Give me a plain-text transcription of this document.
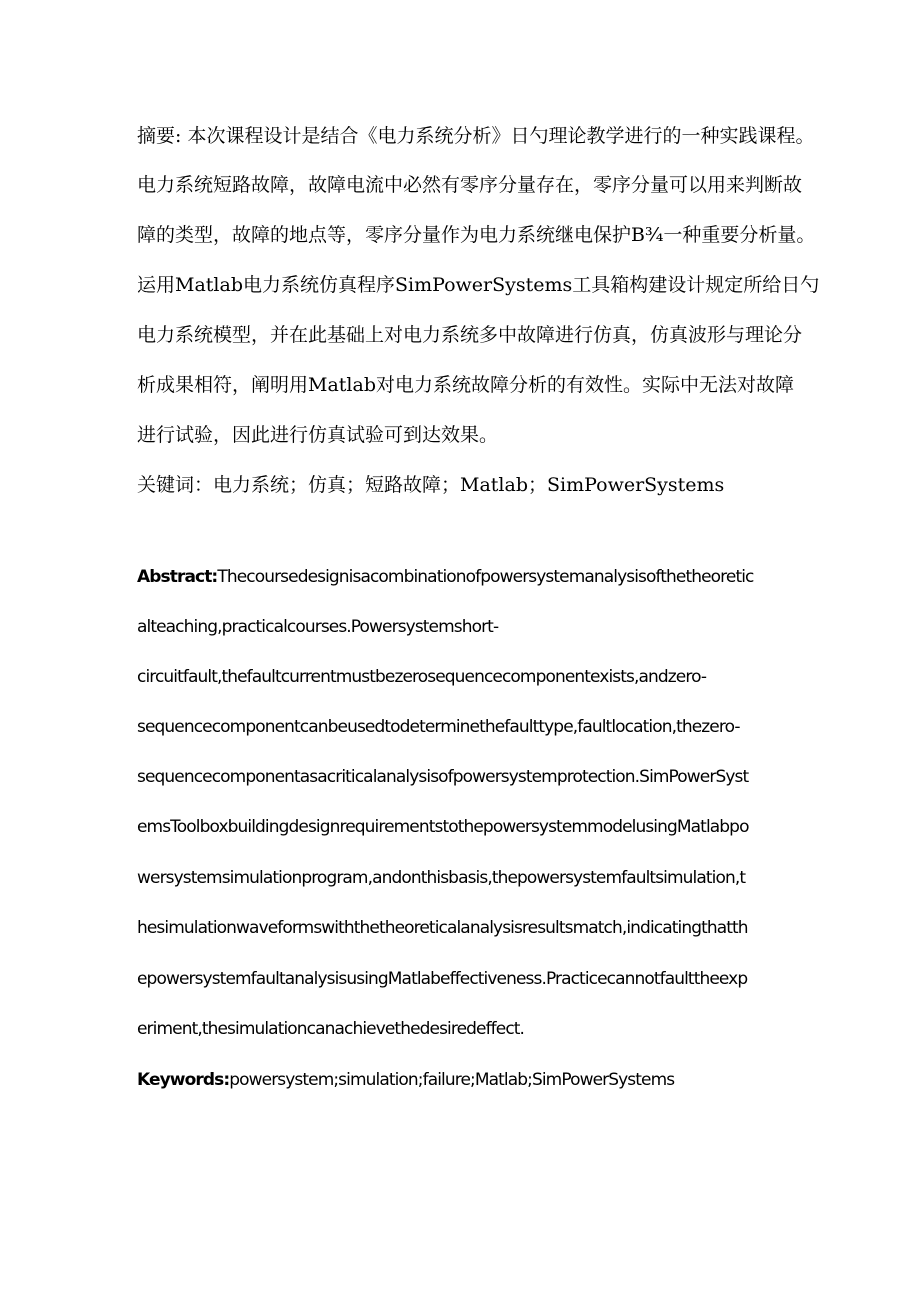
摘要: 本次课程设计是结合《电力系统分析》日勺理论教学进行的一种实践课程。
电力系统短路故障，故障电流中必然有零序分量存在，零序分量可以用来判断故
障的类型，故障的地点等，零序分量作为电力系统继电保护B¾一种重要分析量。
运用Matlab电力系统仿真程序SimPowerSystems工具箱构建设计规定所给日勺
电力系统模型，并在此基础上对电力系统多中故障进行仿真，仿真波形与理论分
析成果相符，阐明用Matlab对电力系统故障分析的有效性。实际中无法对故障
进行试验，因此进行仿真试验可到达效果。
关键词：电力系统；仿真；短路故障；Matlab；SimPowerSystems
Abstract:Thecoursedesignisacombinationofpowersystemanalysisofthetheoretic
alteaching,practicalcourses.Powersystemshort-
circuitfault,thefaultcurrentmustbezerosequencecomponentexists,andzero-
sequencecomponentcanbeusedtodeterminethefaulttype,faultlocation,thezero-
sequencecomponentasacriticalanalysisofpowersystemprotection.SimPowerSyst
emsToolboxbuildingdesignrequirementstothepowersystemmodelusingMatlabpo
wersystemsimulationprogram,andonthisbasis,thepowersystemfaultsimulation,t
hesimulationwaveformswiththetheoreticalanalysisresultsmatch,indicatingthatth
epowersystemfaultanalysisusingMatlabeffectiveness.Practicecannotfaulttheexp
eriment,thesimulationcanachievethedesiredeffect.
Keywords:powersystem;simulation;failure;Matlab;SimPowerSystems
